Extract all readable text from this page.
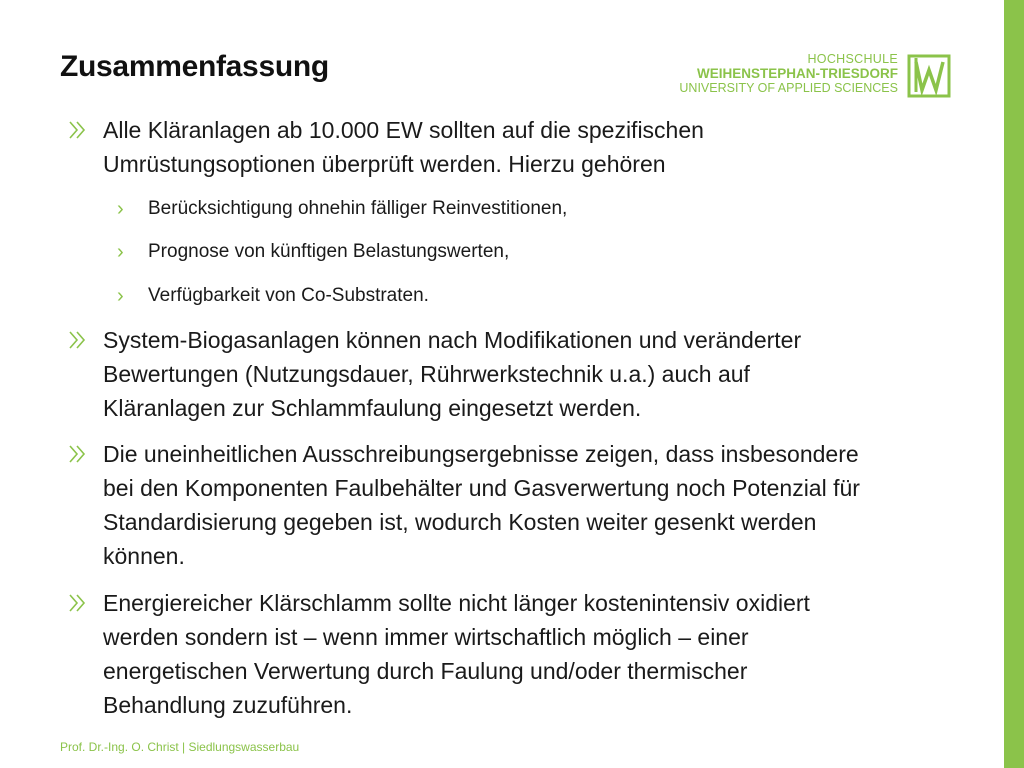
Zusammenfassung	HOCHSCHULE
WEIHENSTEPHAN-TRIESDORF
UNIVERSITY OF APPLIED SCIENCES
Alle Kläranlagen ab 10.000 EW sollten auf die spezifischen
Umrüstungsoptionen überprüft werden. Hierzu gehören
› Berücksichtigung ohnehin fälliger Reinvestitionen,
› Prognose von künftigen Belastungswerten,
› Verfügbarkeit von Co-Substraten.
System-Biogasanlagen können nach Modifikationen und veränderter
Bewertungen (Nutzungsdauer, Rührwerkstechnik u.a.) auch auf
Kläranlagen zur Schlammfaulung eingesetzt werden.
Die uneinheitlichen Ausschreibungsergebnisse zeigen, dass insbesondere
bei den Komponenten Faulbehälter und Gasverwertung noch Potenzial für
Standardisierung gegeben ist, wodurch Kosten weiter gesenkt werden
können.
Energiereicher Klärschlamm sollte nicht länger kostenintensiv oxidiert
werden sondern ist – wenn immer wirtschaftlich möglich – einer
energetischen Verwertung durch Faulung und/oder thermischer
Behandlung zuzuführen.
Prof. Dr.-Ing. O. Christ | Siedlungswasserbau
